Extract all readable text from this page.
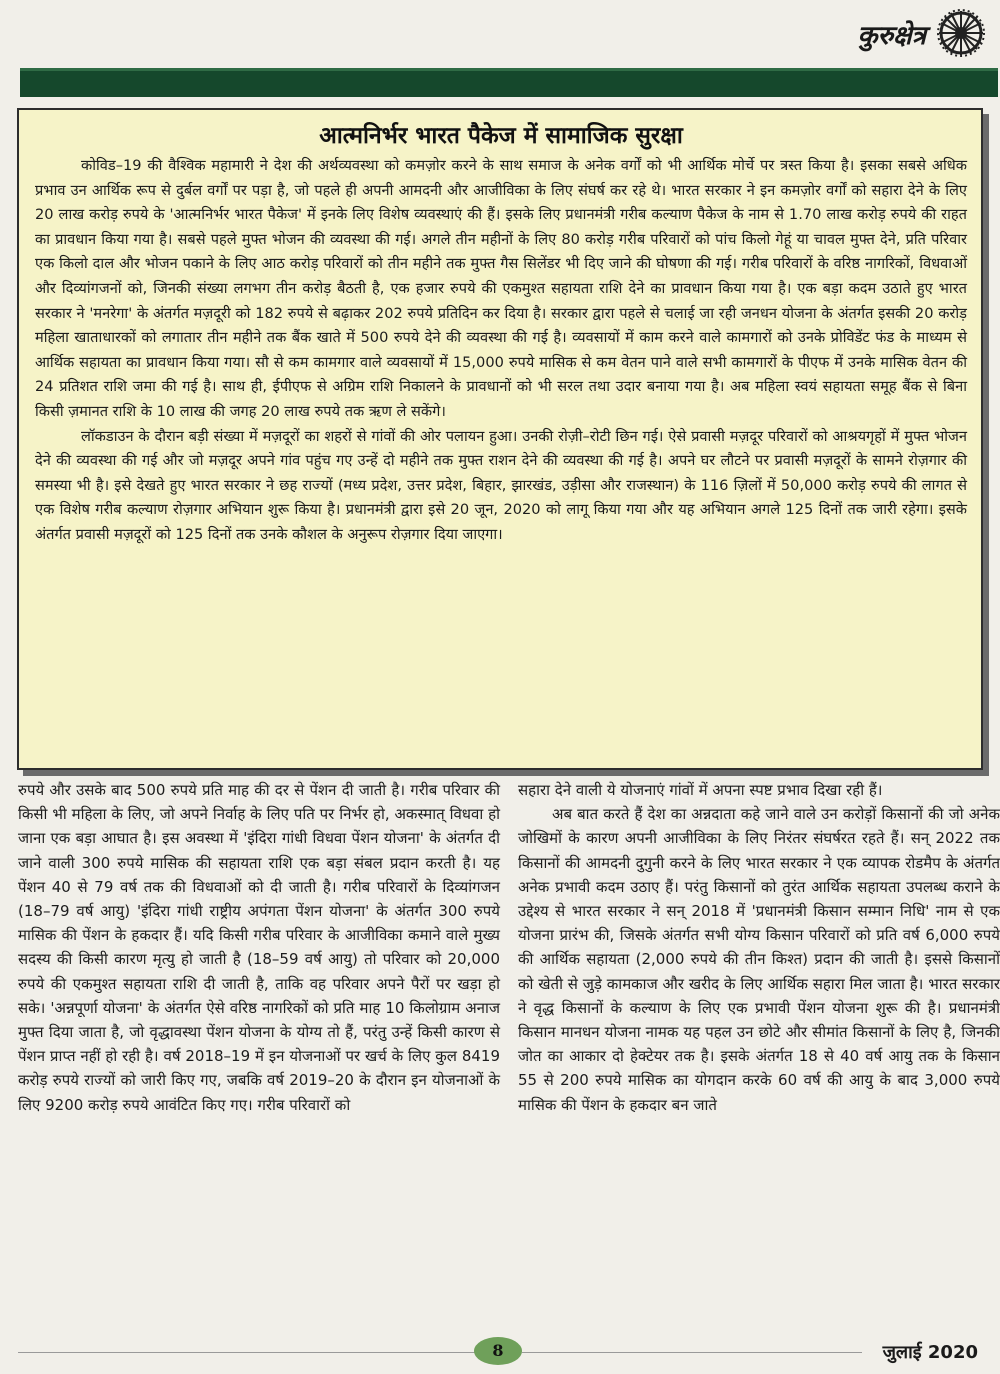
कुरुक्षेत्र
आत्मनिर्भर भारत पैकेज में सामाजिक सुरक्षा

कोविड–19 की वैश्विक महामारी ने देश की अर्थव्यवस्था को कमज़ोर करने के साथ समाज के अनेक वर्गों को भी आर्थिक मोर्चे पर त्रस्त किया है। इसका सबसे अधिक प्रभाव उन आर्थिक रूप से दुर्बल वर्गों पर पड़ा है, जो पहले ही अपनी आमदनी और आजीविका के लिए संघर्ष कर रहे थे। भारत सरकार ने इन कमज़ोर वर्गों को सहारा देने के लिए 20 लाख करोड़ रुपये के 'आत्मनिर्भर भारत पैकेज' में इनके लिए विशेष व्यवस्थाएं की हैं। इसके लिए प्रधानमंत्री गरीब कल्याण पैकेज के नाम से 1.70 लाख करोड़ रुपये की राहत का प्रावधान किया गया है। सबसे पहले मुफ्त भोजन की व्यवस्था की गई। अगले तीन महीनों के लिए 80 करोड़ गरीब परिवारों को पांच किलो गेहूं या चावल मुफ्त देने, प्रति परिवार एक किलो दाल और भोजन पकाने के लिए आठ करोड़ परिवारों को तीन महीने तक मुफ्त गैस सिलेंडर भी दिए जाने की घोषणा की गई। गरीब परिवारों के वरिष्ठ नागरिकों, विधवाओं और दिव्यांगजनों को, जिनकी संख्या लगभग तीन करोड़ बैठती है, एक हजार रुपये की एकमुश्त सहायता राशि देने का प्रावधान किया गया है। एक बड़ा कदम उठाते हुए भारत सरकार ने 'मनरेगा' के अंतर्गत मज़दूरी को 182 रुपये से बढ़ाकर 202 रुपये प्रतिदिन कर दिया है। सरकार द्वारा पहले से चलाई जा रही जनधन योजना के अंतर्गत इसकी 20 करोड़ महिला खाताधारकों को लगातार तीन महीने तक बैंक खाते में 500 रुपये देने की व्यवस्था की गई है। व्यवसायों में काम करने वाले कामगारों को उनके प्रोविडेंट फंड के माध्यम से आर्थिक सहायता का प्रावधान किया गया। सौ से कम कामगार वाले व्यवसायों में 15,000 रुपये मासिक से कम वेतन पाने वाले सभी कामगारों के पीएफ में उनके मासिक वेतन की 24 प्रतिशत राशि जमा की गई है। साथ ही, ईपीएफ से अग्रिम राशि निकालने के प्रावधानों को भी सरल तथा उदार बनाया गया है। अब महिला स्वयं सहायता समूह बैंक से बिना किसी ज़मानत राशि के 10 लाख की जगह 20 लाख रुपये तक ऋण ले सकेंगे।

लॉकडाउन के दौरान बड़ी संख्या में मज़दूरों का शहरों से गांवों की ओर पलायन हुआ। उनकी रोज़ी–रोटी छिन गई। ऐसे प्रवासी मज़दूर परिवारों को आश्रयगृहों में मुफ्त भोजन देने की व्यवस्था की गई और जो मज़दूर अपने गांव पहुंच गए उन्हें दो महीने तक मुफ्त राशन देने की व्यवस्था की गई है। अपने घर लौटने पर प्रवासी मज़दूरों के सामने रोज़गार की समस्या भी है। इसे देखते हुए भारत सरकार ने छह राज्यों (मध्य प्रदेश, उत्तर प्रदेश, बिहार, झारखंड, उड़ीसा और राजस्थान) के 116 ज़िलों में 50,000 करोड़ रुपये की लागत से एक विशेष गरीब कल्याण रोज़गार अभियान शुरू किया है। प्रधानमंत्री द्वारा इसे 20 जून, 2020 को लागू किया गया और यह अभियान अगले 125 दिनों तक जारी रहेगा। इसके अंतर्गत प्रवासी मज़दूरों को 125 दिनों तक उनके कौशल के अनुरूप रोज़गार दिया जाएगा।

रुपये और उसके बाद 500 रुपये प्रति माह की दर से पेंशन दी जाती है। गरीब परिवार की किसी भी महिला के लिए, जो अपने निर्वाह के लिए पति पर निर्भर हो, अकस्मात् विधवा हो जाना एक बड़ा आघात है। इस अवस्था में 'इंदिरा गांधी विधवा पेंशन योजना' के अंतर्गत दी जाने वाली 300 रुपये मासिक की सहायता राशि एक बड़ा संबल प्रदान करती है। यह पेंशन 40 से 79 वर्ष तक की विधवाओं को दी जाती है। गरीब परिवारों के दिव्यांगजन (18–79 वर्ष आयु) 'इंदिरा गांधी राष्ट्रीय अपंगता पेंशन योजना' के अंतर्गत 300 रुपये मासिक की पेंशन के हकदार हैं। यदि किसी गरीब परिवार के आजीविका कमाने वाले मुख्य सदस्य की किसी कारण मृत्यु हो जाती है (18–59 वर्ष आयु) तो परिवार को 20,000 रुपये की एकमुश्त सहायता राशि दी जाती है, ताकि वह परिवार अपने पैरों पर खड़ा हो सके। 'अन्नपूर्णा योजना' के अंतर्गत ऐसे वरिष्ठ नागरिकों को प्रति माह 10 किलोग्राम अनाज मुफ्त दिया जाता है, जो वृद्धावस्था पेंशन योजना के योग्य तो हैं, परंतु उन्हें किसी कारण से पेंशन प्राप्त नहीं हो रही है। वर्ष 2018–19 में इन योजनाओं पर खर्च के लिए कुल 8419 करोड़ रुपये राज्यों को जारी किए गए, जबकि वर्ष 2019–20 के दौरान इन योजनाओं के लिए 9200 करोड़ रुपये आवंटित किए गए। गरीब परिवारों को

सहारा देने वाली ये योजनाएं गांवों में अपना स्पष्ट प्रभाव दिखा रही हैं।

अब बात करते हैं देश का अन्नदाता कहे जाने वाले उन करोड़ों किसानों की जो अनेक जोखिमों के कारण अपनी आजीविका के लिए निरंतर संघर्षरत रहते हैं। सन् 2022 तक किसानों की आमदनी दुगुनी करने के लिए भारत सरकार ने एक व्यापक रोडमैप के अंतर्गत अनेक प्रभावी कदम उठाए हैं। परंतु किसानों को तुरंत आर्थिक सहायता उपलब्ध कराने के उद्देश्य से भारत सरकार ने सन् 2018 में 'प्रधानमंत्री किसान सम्मान निधि' नाम से एक योजना प्रारंभ की, जिसके अंतर्गत सभी योग्य किसान परिवारों को प्रति वर्ष 6,000 रुपये की आर्थिक सहायता (2,000 रुपये की तीन किश्त) प्रदान की जाती है। इससे किसानों को खेती से जुड़े कामकाज और खरीद के लिए आर्थिक सहारा मिल जाता है। भारत सरकार ने वृद्ध किसानों के कल्याण के लिए एक प्रभावी पेंशन योजना शुरू की है। प्रधानमंत्री किसान मानधन योजना नामक यह पहल उन छोटे और सीमांत किसानों के लिए है, जिनकी जोत का आकार दो हेक्टेयर तक है। इसके अंतर्गत 18 से 40 वर्ष आयु तक के किसान 55 से 200 रुपये मासिक का योगदान करके 60 वर्ष की आयु के बाद 3,000 रुपये मासिक की पेंशन के हकदार बन जाते

8	जुलाई 2020
